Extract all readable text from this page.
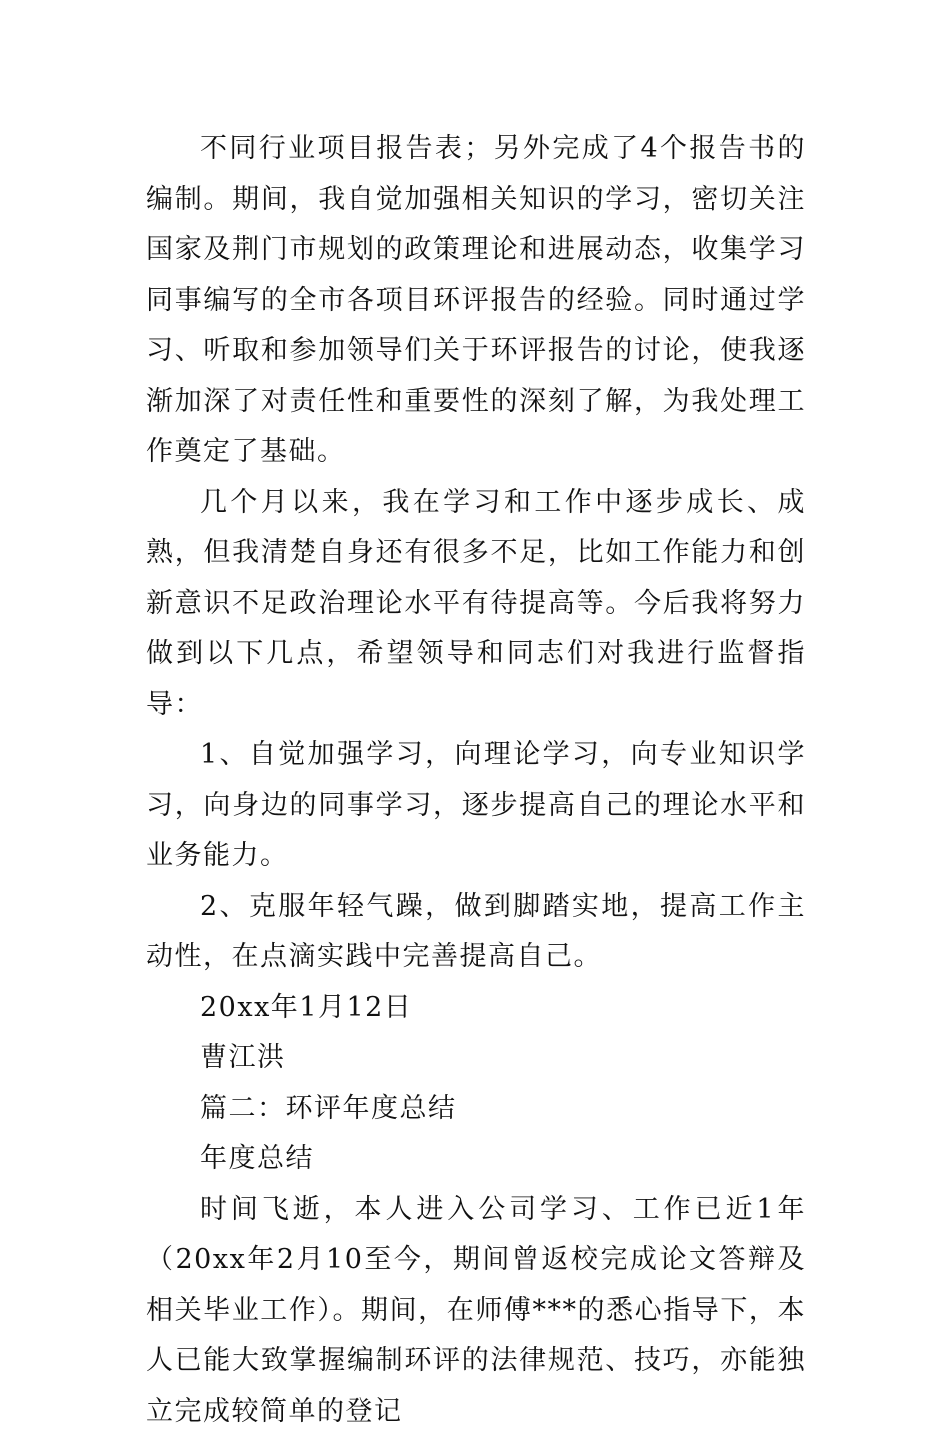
不同行业项目报告表；另外完成了4个报告书的编制。期间，我自觉加强相关知识的学习，密切关注国家及荆门市规划的政策理论和进展动态，收集学习同事编写的全市各项目环评报告的经验。同时通过学习、听取和参加领导们关于环评报告的讨论，使我逐渐加深了对责任性和重要性的深刻了解，为我处理工作奠定了基础。

几个月以来，我在学习和工作中逐步成长、成熟，但我清楚自身还有很多不足，比如工作能力和创新意识不足政治理论水平有待提高等。今后我将努力做到以下几点，希望领导和同志们对我进行监督指导：

1、自觉加强学习，向理论学习，向专业知识学习，向身边的同事学习，逐步提高自己的理论水平和业务能力。

2、克服年轻气躁，做到脚踏实地，提高工作主动性，在点滴实践中完善提高自己。

20xx年1月12日

曹江洪

篇二：环评年度总结

年度总结

时间飞逝，本人进入公司学习、工作已近1年（20xx年2月10至今，期间曾返校完成论文答辩及相关毕业工作）。期间，在师傅***的悉心指导下，本人已能大致掌握编制环评的法律规范、技巧，亦能独立完成较简单的登记
